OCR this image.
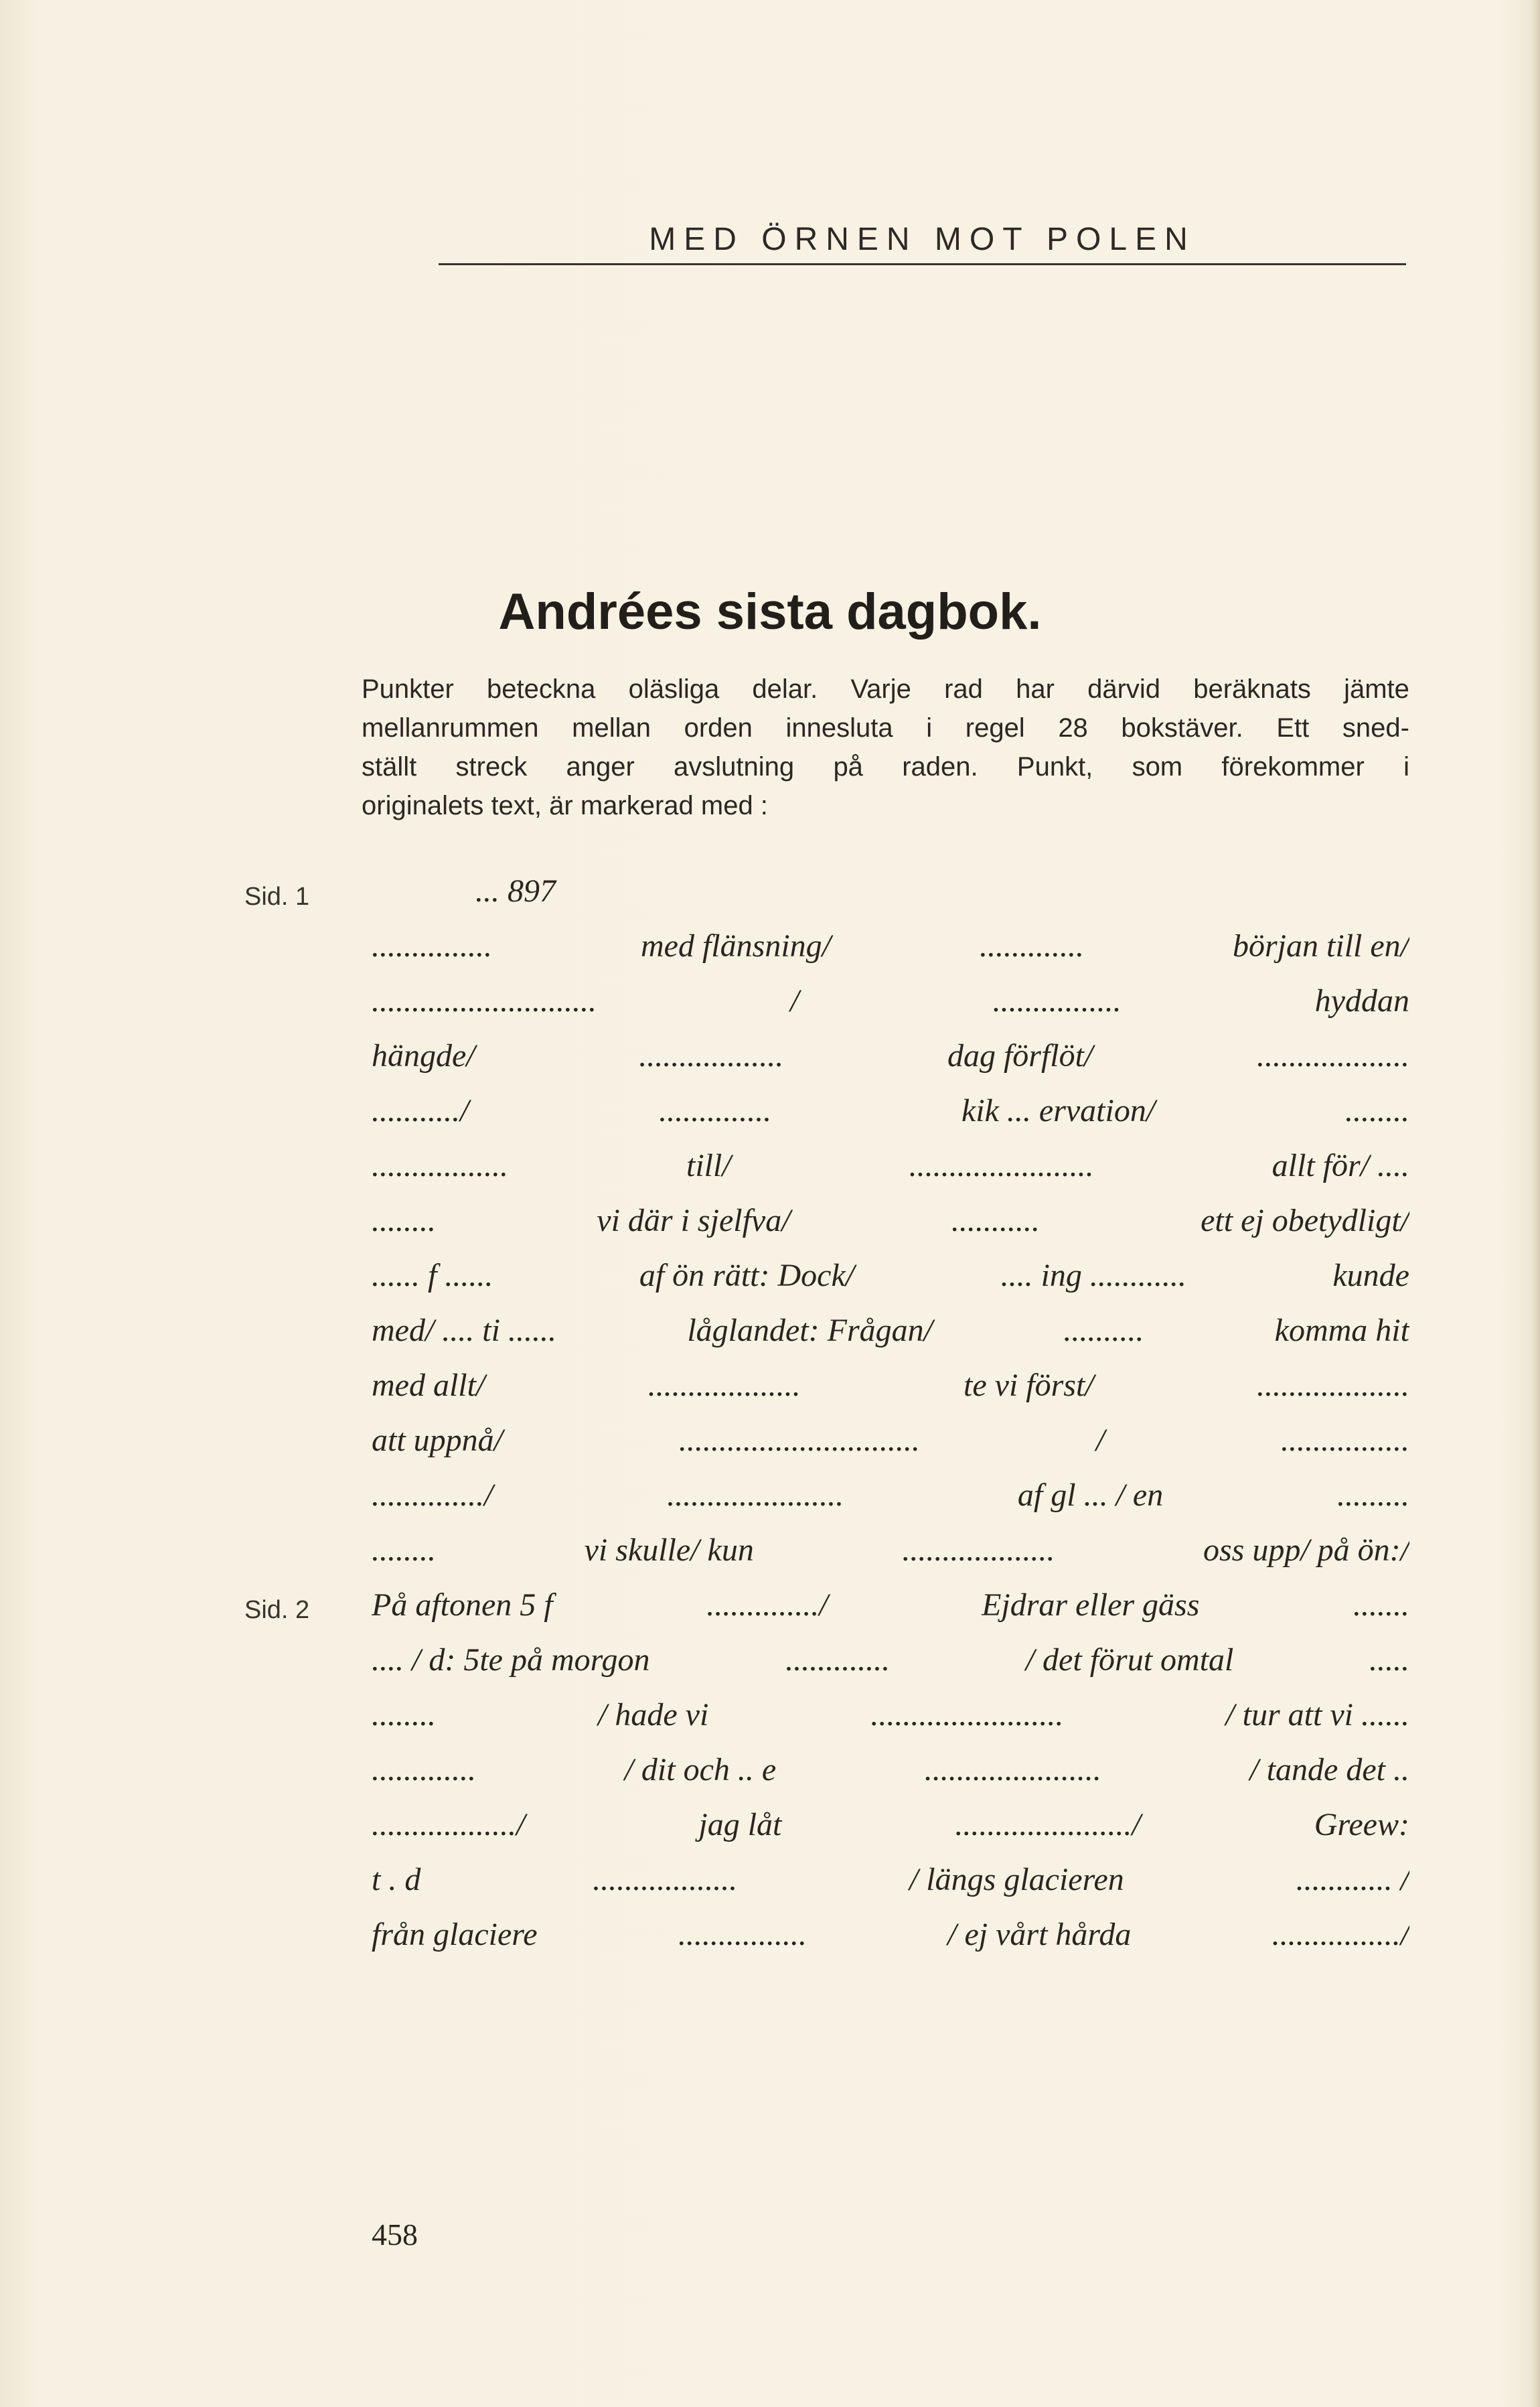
MED ÖRNEN MOT POLEN
Andrées sista dagbok.
Punkter beteckna oläsliga delar. Varje rad har därvid beräknats jämte
mellanrummen mellan orden innesluta i regel 28 bokstäver. Ett sned-
ställt streck anger avslutning på raden. Punkt, som förekommer i
originalets text, är markerad med :
Sid. 1
Sid. 2
... 897
...............	med flänsning/	.............	början till en/
............................	/	................	hyddan
hängde/	..................	dag förflöt/	...................
.........../	..............	kik ... ervation/	........
.................	till/	.......................	allt för/ ....
........	vi där i sjelfva/	...........	ett ej obetydligt/
...... f ......	af ön rätt: Dock/	.... ing ............	kunde
med/ .... ti ......	låglandet: Frågan/	..........	komma hit
med allt/	...................	te vi först/	...................
att uppnå/	..............................	/	................
............../	......................	af gl ... / en	.........
........	vi skulle/ kun	...................	oss upp/ på ön:/
På aftonen 5 f	............../	Ejdrar eller gäss	.......
.... / d: 5te på morgon	.............	/ det förut omtal	.....
........	/ hade vi	........................	/ tur att vi ......
.............	/ dit och .. e	......................	/ tande det ..
................../	jag låt	....................../	Greew:
t . d	..................	/ längs glacieren	............ /
från glaciere	................	/ ej vårt hårda	................/
458
